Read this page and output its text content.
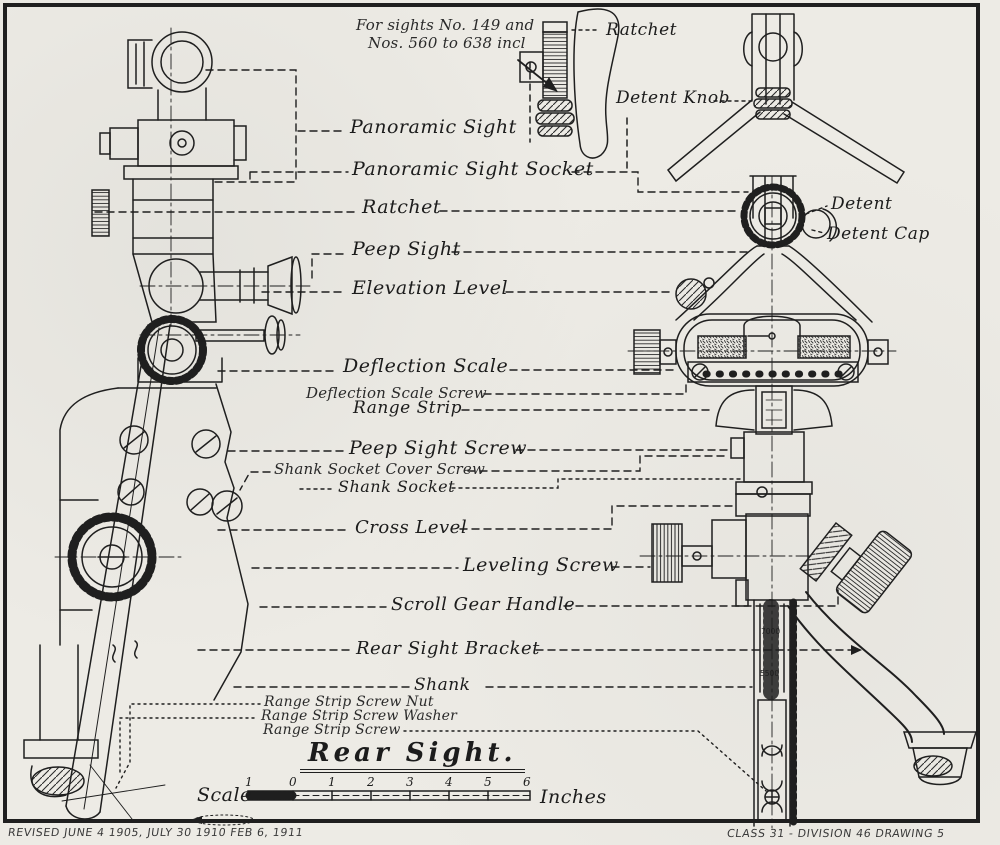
7000
5500
For sights No. 149 and
Nos. 560 to 638 incl
Ratchet
Detent Knob
Panoramic Sight
Panoramic Sight Socket
Ratchet
Peep Sight
Elevation Level
Detent
Detent Cap
Deflection Scale
Deflection Scale Screw
Range Strip
Peep Sight Screw
Shank Socket Cover Screw
Shank Socket
Cross Level
Leveling Screw
Scroll Gear Handle
Rear Sight Bracket
Shank
Range Strip Screw Nut
Range Strip Screw Washer
Range Strip Screw
Rear Sight.
Scale	Inches
1	0	1	2	3	4	5	6
REVISED JUNE 4 1905, JULY 30 1910 FEB 6, 1911	CLASS 31 - DIVISION 46 DRAWING 5
